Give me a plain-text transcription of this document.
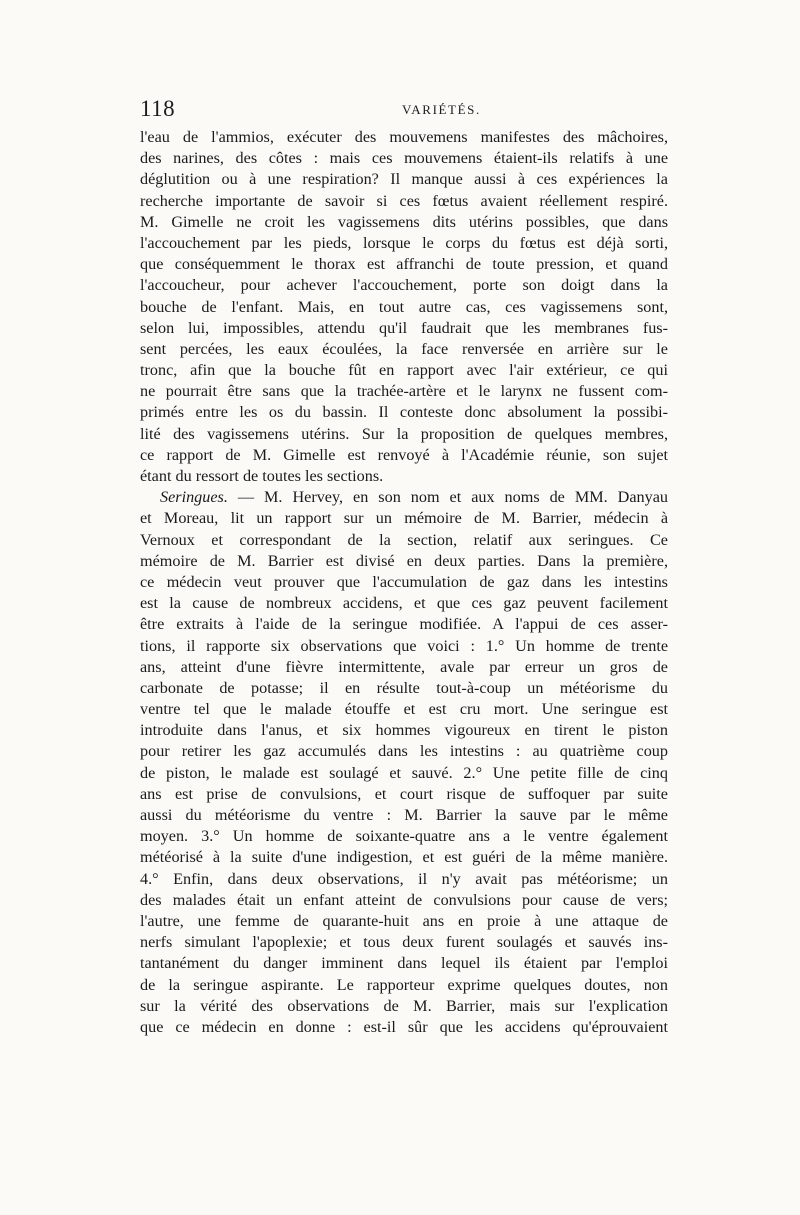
118	VARIÉTÉS.
l'eau de l'ammios, exécuter des mouvemens manifestes des mâchoires,
des narines, des côtes : mais ces mouvemens étaient-ils relatifs à une
déglutition ou à une respiration? Il manque aussi à ces expériences la
recherche importante de savoir si ces fœtus avaient réellement respiré.
M. Gimelle ne croit les vagissemens dits utérins possibles, que dans
l'accouchement par les pieds, lorsque le corps du fœtus est déjà sorti,
que conséquemment le thorax est affranchi de toute pression, et quand
l'accoucheur, pour achever l'accouchement, porte son doigt dans la
bouche de l'enfant. Mais, en tout autre cas, ces vagissemens sont,
selon lui, impossibles, attendu qu'il faudrait que les membranes fus-
sent percées, les eaux écoulées, la face renversée en arrière sur le
tronc, afin que la bouche fût en rapport avec l'air extérieur, ce qui
ne pourrait être sans que la trachée-artère et le larynx ne fussent com-
primés entre les os du bassin. Il conteste donc absolument la possibi-
lité des vagissemens utérins. Sur la proposition de quelques membres,
ce rapport de M. Gimelle est renvoyé à l'Académie réunie, son sujet
étant du ressort de toutes les sections.
Seringues. — M. Hervey, en son nom et aux noms de MM. Danyau
et Moreau, lit un rapport sur un mémoire de M. Barrier, médecin à
Vernoux et correspondant de la section, relatif aux seringues. Ce
mémoire de M. Barrier est divisé en deux parties. Dans la première,
ce médecin veut prouver que l'accumulation de gaz dans les intestins
est la cause de nombreux accidens, et que ces gaz peuvent facilement
être extraits à l'aide de la seringue modifiée. A l'appui de ces asser-
tions, il rapporte six observations que voici : 1.° Un homme de trente
ans, atteint d'une fièvre intermittente, avale par erreur un gros de
carbonate de potasse; il en résulte tout-à-coup un météorisme du
ventre tel que le malade étouffe et est cru mort. Une seringue est
introduite dans l'anus, et six hommes vigoureux en tirent le piston
pour retirer les gaz accumulés dans les intestins : au quatrième coup
de piston, le malade est soulagé et sauvé. 2.° Une petite fille de cinq
ans est prise de convulsions, et court risque de suffoquer par suite
aussi du météorisme du ventre : M. Barrier la sauve par le même
moyen. 3.° Un homme de soixante-quatre ans a le ventre également
météorisé à la suite d'une indigestion, et est guéri de la même manière.
4.° Enfin, dans deux observations, il n'y avait pas météorisme; un
des malades était un enfant atteint de convulsions pour cause de vers;
l'autre, une femme de quarante-huit ans en proie à une attaque de
nerfs simulant l'apoplexie; et tous deux furent soulagés et sauvés ins-
tantanément du danger imminent dans lequel ils étaient par l'emploi
de la seringue aspirante. Le rapporteur exprime quelques doutes, non
sur la vérité des observations de M. Barrier, mais sur l'explication
que ce médecin en donne : est-il sûr que les accidens qu'éprouvaient
